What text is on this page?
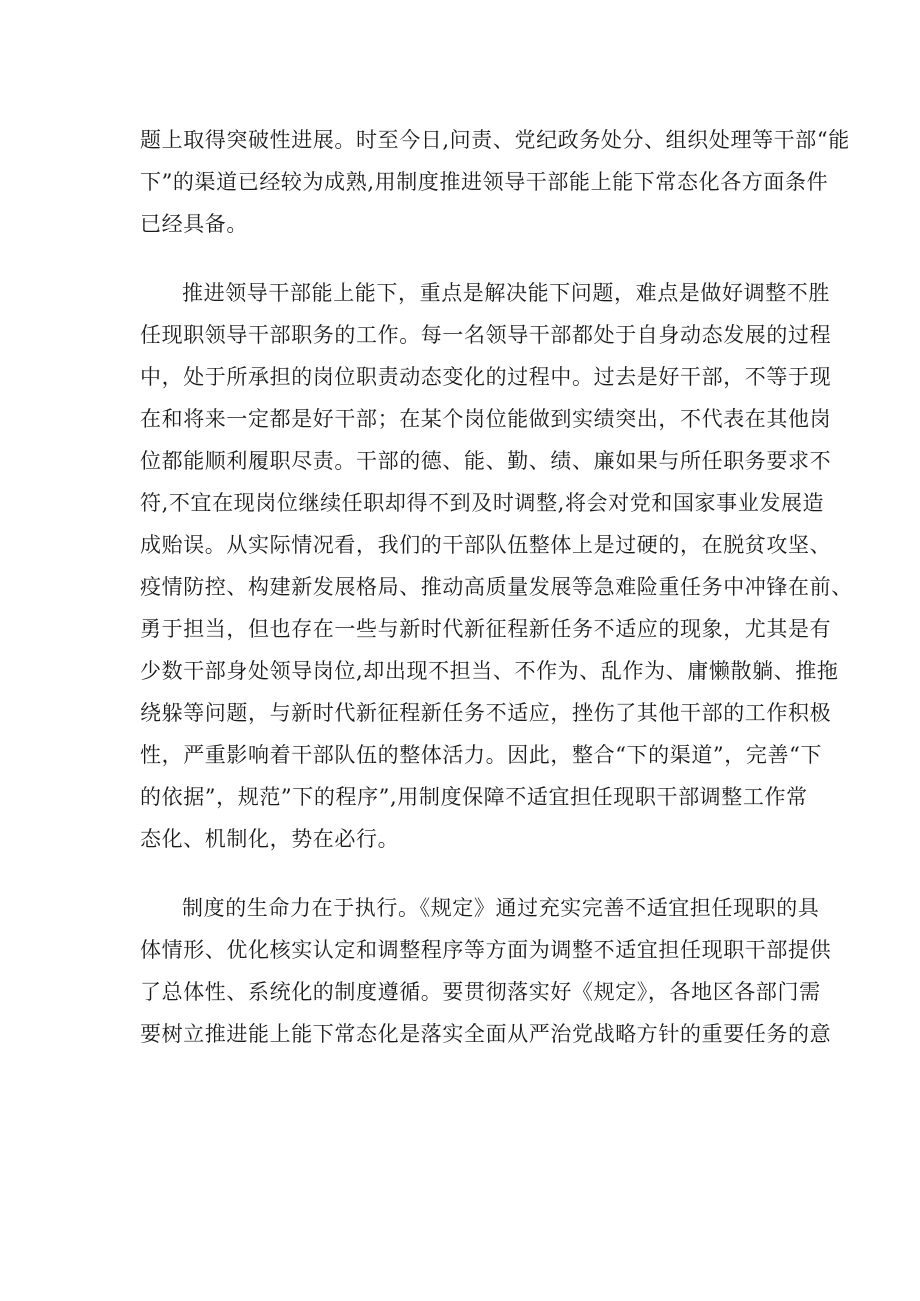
题上取得突破性进展。时至今日,问责、党纪政务处分、组织处理等干部“能
下”的渠道已经较为成熟,用制度推进领导干部能上能下常态化各方面条件
已经具备。
推进领导干部能上能下，重点是解决能下问题，难点是做好调整不胜
任现职领导干部职务的工作。每一名领导干部都处于自身动态发展的过程
中，处于所承担的岗位职责动态变化的过程中。过去是好干部，不等于现
在和将来一定都是好干部；在某个岗位能做到实绩突出，不代表在其他岗
位都能顺利履职尽责。干部的德、能、勤、绩、廉如果与所任职务要求不
符,不宜在现岗位继续任职却得不到及时调整,将会对党和国家事业发展造
成贻误。从实际情况看，我们的干部队伍整体上是过硬的，在脱贫攻坚、
疫情防控、构建新发展格局、推动高质量发展等急难险重任务中冲锋在前、
勇于担当，但也存在一些与新时代新征程新任务不适应的现象，尤其是有
少数干部身处领导岗位,却出现不担当、不作为、乱作为、庸懒散躺、推拖
绕躲等问题，与新时代新征程新任务不适应，挫伤了其他干部的工作积极
性，严重影响着干部队伍的整体活力。因此，整合“下的渠道”，完善“下
的依据”，规范”下的程序”,用制度保障不适宜担任现职干部调整工作常
态化、机制化，势在必行。
制度的生命力在于执行。《规定》通过充实完善不适宜担任现职的具
体情形、优化核实认定和调整程序等方面为调整不适宜担任现职干部提供
了总体性、系统化的制度遵循。要贯彻落实好《规定》，各地区各部门需
要树立推进能上能下常态化是落实全面从严治党战略方针的重要任务的意
